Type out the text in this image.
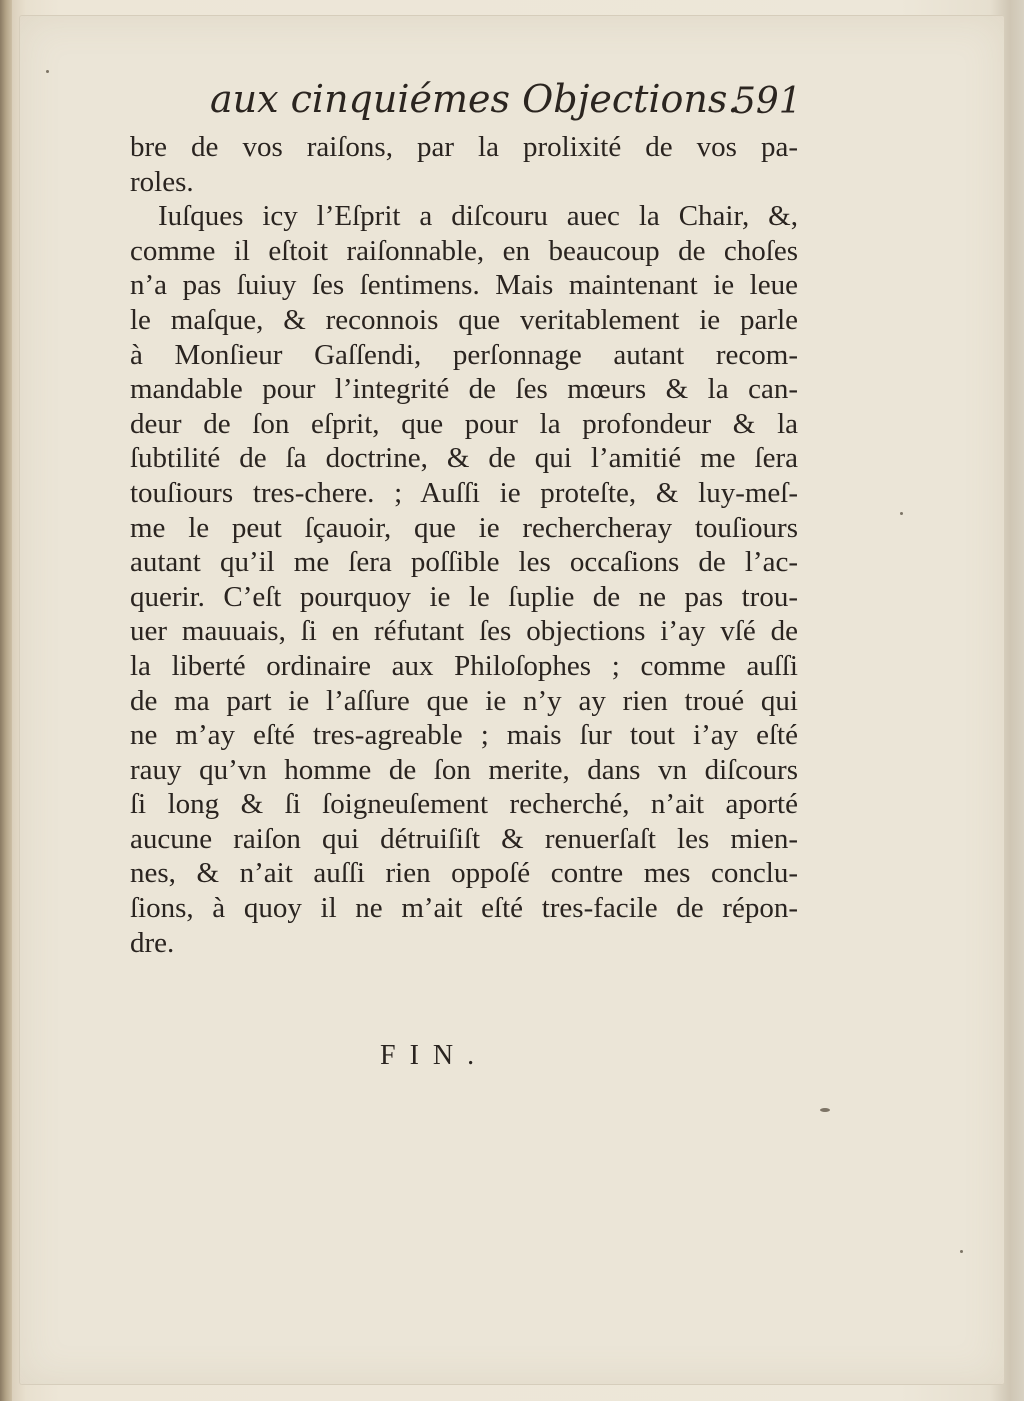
aux cinquiémes Objections.
591
bre de vos raiſons, par la prolixité de vos pa-
roles.
Iuſques icy l’Eſprit a diſcouru auec la Chair, &,
comme il eſtoit raiſonnable, en beaucoup de choſes
n’a pas ſuiuy ſes ſentimens. Mais maintenant ie leue
le maſque, & reconnois que veritablement ie parle
à Monſieur Gaſſendi, perſonnage autant recom-
mandable pour l’integrité de ſes mœurs & la can-
deur de ſon eſprit, que pour la profondeur & la
ſubtilité de ſa doctrine, & de qui l’amitié me ſera
touſiours tres-chere. ; Auſſi ie proteſte, & luy-meſ-
me le peut ſçauoir, que ie rechercheray touſiours
autant qu’il me ſera poſſible les occaſions de l’ac-
querir. C’eſt pourquoy ie le ſuplie de ne pas trou-
uer mauuais, ſi en réfutant ſes objections i’ay vſé de
la liberté ordinaire aux Philoſophes ; comme auſſi
de ma part ie l’aſſure que ie n’y ay rien troué qui
ne m’ay eſté tres-agreable ; mais ſur tout i’ay eſté
rauy qu’vn homme de ſon merite, dans vn diſcours
ſi long & ſi ſoigneuſement recherché, n’ait aporté
aucune raiſon qui détruiſiſt & renuerſaſt les mien-
nes, & n’ait auſſi rien oppoſé contre mes conclu-
ſions, à quoy il ne m’ait eſté tres-facile de répon-
dre.
FIN.
